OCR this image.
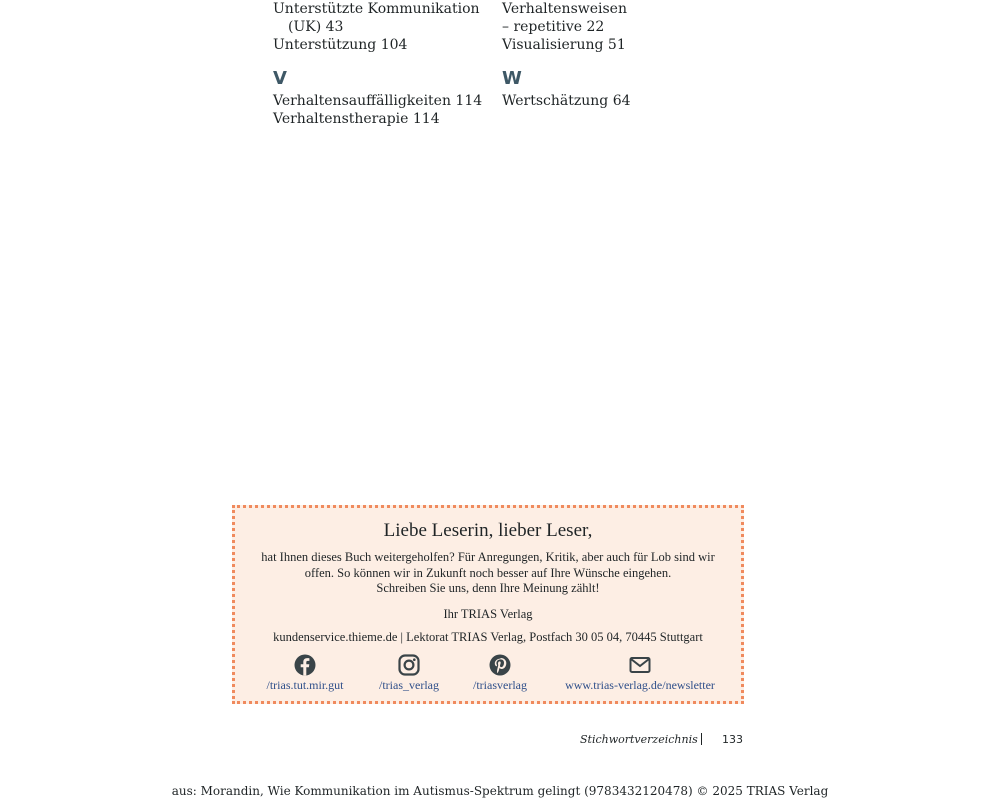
Unterstützte Kommunikation
(UK) 43
Unterstützung 104
V
Verhaltensauffälligkeiten 114
Verhaltenstherapie 114
Verhaltensweisen
– repetitive 22
Visualisierung 51
W
Wertschätzung 64
Liebe Leserin, lieber Leser,
hat Ihnen dieses Buch weitergeholfen? Für Anregungen, Kritik, aber auch für Lob sind wir
offen. So können wir in Zukunft noch besser auf Ihre Wünsche eingehen.
Schreiben Sie uns, denn Ihre Meinung zählt!
Ihr TRIAS Verlag
kundenservice.thieme.de | Lektorat TRIAS Verlag, Postfach 30 05 04, 70445 Stuttgart
/trias.tut.mir.gut	/trias_verlag	/triasverlag	www.trias-verlag.de/newsletter
Stichwortverzeichnis 133
aus: Morandin, Wie Kommunikation im Autismus-Spektrum gelingt (9783432120478) © 2025 TRIAS Verlag
